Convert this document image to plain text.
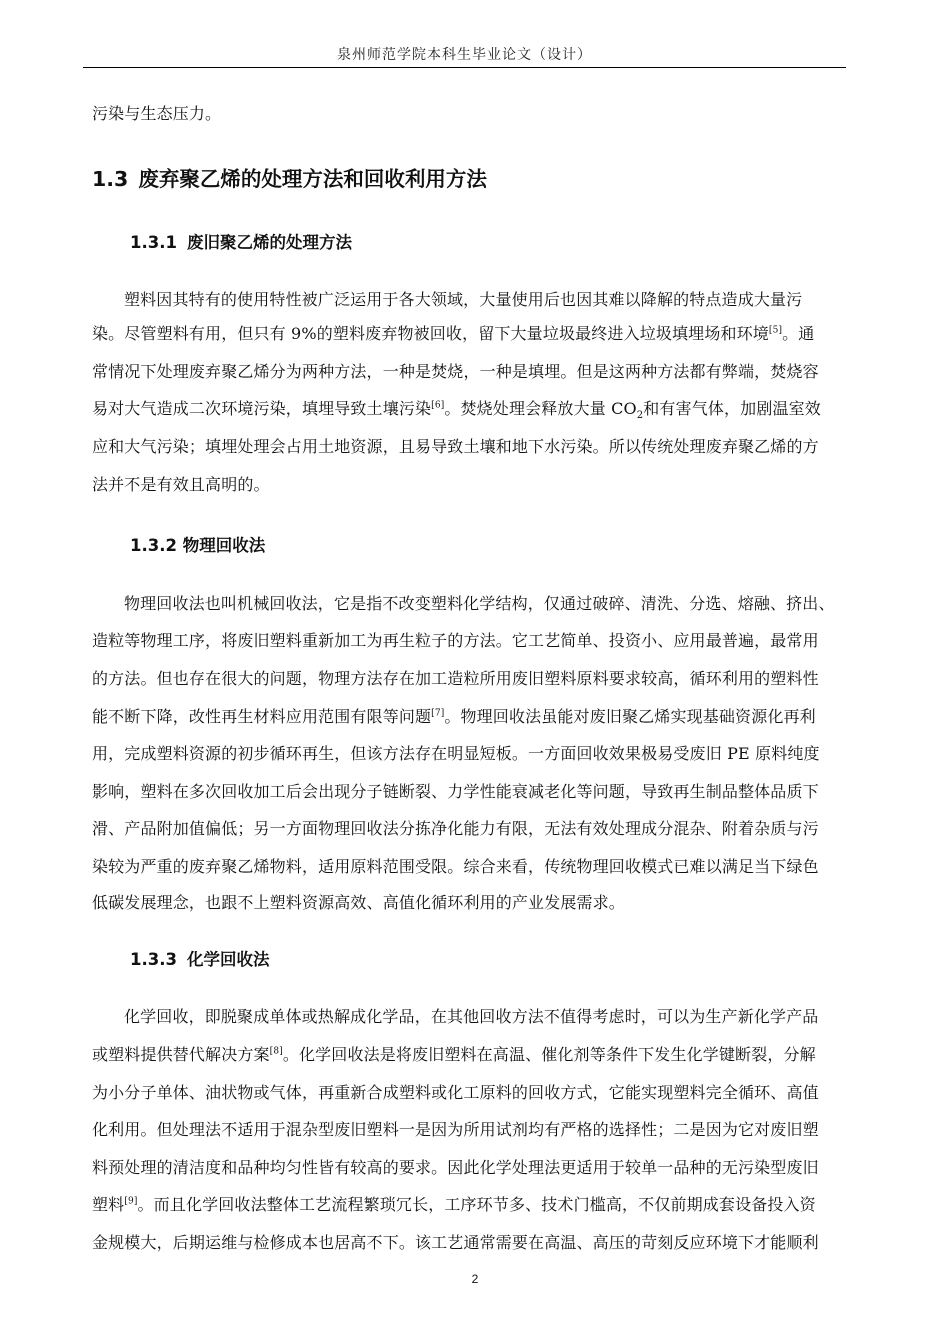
泉州师范学院本科生毕业论文（设计）
污染与生态压力。
1.3 废弃聚乙烯的处理方法和回收利用方法
1.3.1 废旧聚乙烯的处理方法
塑料因其特有的使用特性被广泛运用于各大领域，大量使用后也因其难以降解的特点造成大量污
染。尽管塑料有用，但只有 9%的塑料废弃物被回收，留下大量垃圾最终进入垃圾填埋场和环境[5]。通
常情况下处理废弃聚乙烯分为两种方法，一种是焚烧，一种是填埋。但是这两种方法都有弊端，焚烧容
易对大气造成二次环境污染，填埋导致土壤污染[6]。焚烧处理会释放大量 $CO_2$和有害气体，加剧温室效
应和大气污染；填埋处理会占用土地资源，且易导致土壤和地下水污染。所以传统处理废弃聚乙烯的方
法并不是有效且高明的。
1.3.2 物理回收法
物理回收法也叫机械回收法，它是指不改变塑料化学结构，仅通过破碎、清洗、分选、熔融、挤出、
造粒等物理工序，将废旧塑料重新加工为再生粒子的方法。它工艺简单、投资小、应用最普遍，最常用
的方法。但也存在很大的问题，物理方法存在加工造粒所用废旧塑料原料要求较高，循环利用的塑料性
能不断下降，改性再生材料应用范围有限等问题[7]。物理回收法虽能对废旧聚乙烯实现基础资源化再利
用，完成塑料资源的初步循环再生，但该方法存在明显短板。一方面回收效果极易受废旧 PE 原料纯度
影响，塑料在多次回收加工后会出现分子链断裂、力学性能衰减老化等问题，导致再生制品整体品质下
滑、产品附加值偏低；另一方面物理回收法分拣净化能力有限，无法有效处理成分混杂、附着杂质与污
染较为严重的废弃聚乙烯物料，适用原料范围受限。综合来看，传统物理回收模式已难以满足当下绿色
低碳发展理念，也跟不上塑料资源高效、高值化循环利用的产业发展需求。
1.3.3 化学回收法
化学回收，即脱聚成单体或热解成化学品，在其他回收方法不值得考虑时，可以为生产新化学产品
或塑料提供替代解决方案[8]。化学回收法是将废旧塑料在高温、催化剂等条件下发生化学键断裂，分解
为小分子单体、油状物或气体，再重新合成塑料或化工原料的回收方式，它能实现塑料完全循环、高值
化利用。但处理法不适用于混杂型废旧塑料一是因为所用试剂均有严格的选择性；二是因为它对废旧塑
料预处理的清洁度和品种均匀性皆有较高的要求。因此化学处理法更适用于较单一品种的无污染型废旧
塑料[9]。而且化学回收法整体工艺流程繁琐冗长，工序环节多、技术门槛高，不仅前期成套设备投入资
金规模大，后期运维与检修成本也居高不下。该工艺通常需要在高温、高压的苛刻反应环境下才能顺利
2
